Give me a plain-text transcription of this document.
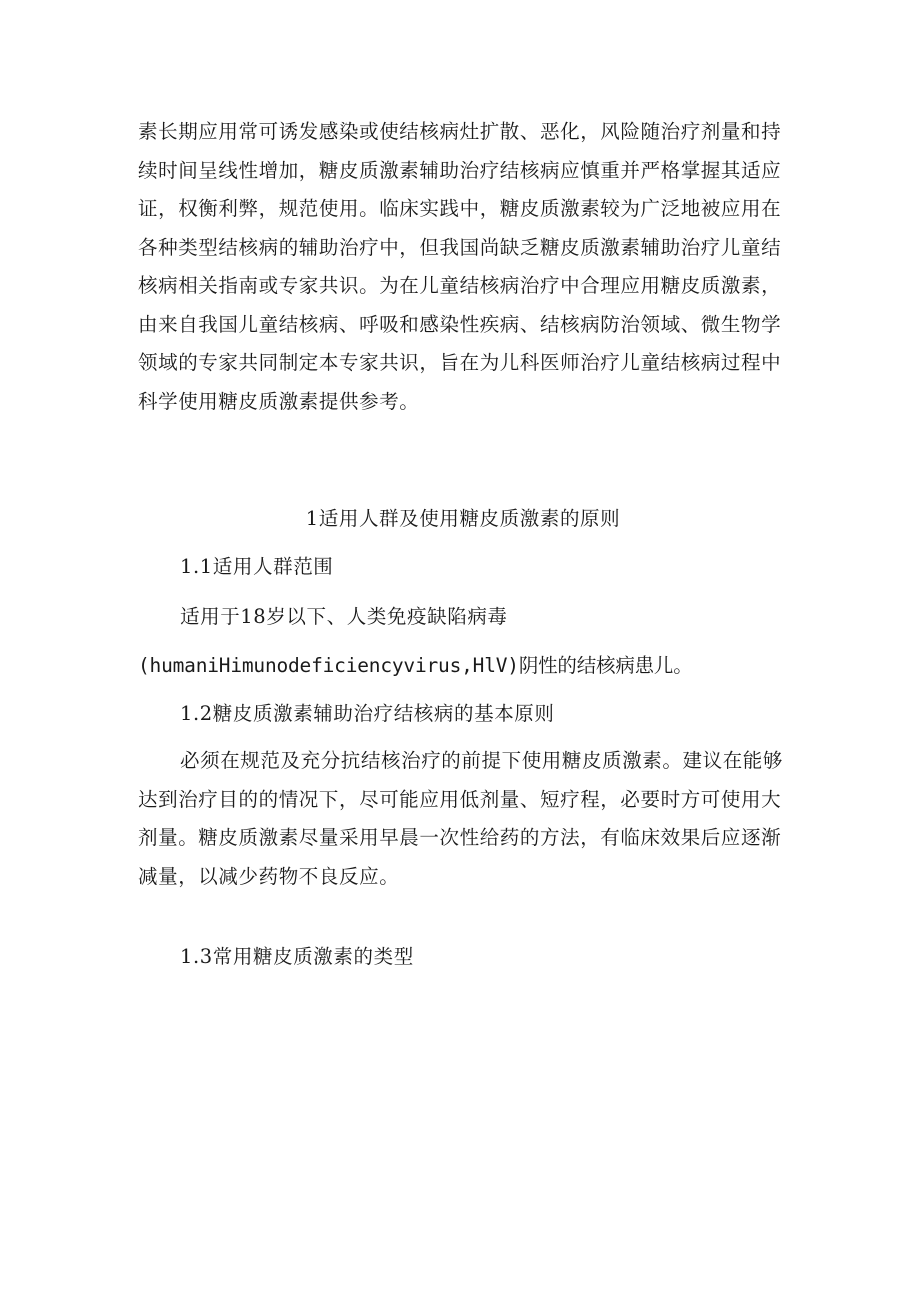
素长期应用常可诱发感染或使结核病灶扩散、恶化，风险随治疗剂量和持
续时间呈线性增加，糖皮质激素辅助治疗结核病应慎重并严格掌握其适应
证，权衡利弊，规范使用。临床实践中，糖皮质激素较为广泛地被应用在
各种类型结核病的辅助治疗中，但我国尚缺乏糖皮质激素辅助治疗儿童结
核病相关指南或专家共识。为在儿童结核病治疗中合理应用糖皮质激素，
由来自我国儿童结核病、呼吸和感染性疾病、结核病防治领域、微生物学
领域的专家共同制定本专家共识，旨在为儿科医师治疗儿童结核病过程中
科学使用糖皮质激素提供参考。
1适用人群及使用糖皮质激素的原则
1.1适用人群范围
适用于18岁以下、人类免疫缺陷病毒
(humaniHimunodeficiencyvirus,HlV)阴性的结核病患儿。
1.2糖皮质激素辅助治疗结核病的基本原则
必须在规范及充分抗结核治疗的前提下使用糖皮质激素。建议在能够
达到治疗目的的情况下，尽可能应用低剂量、短疗程，必要时方可使用大
剂量。糖皮质激素尽量采用早晨一次性给药的方法，有临床效果后应逐渐
减量，以减少药物不良反应。
1.3常用糖皮质激素的类型
